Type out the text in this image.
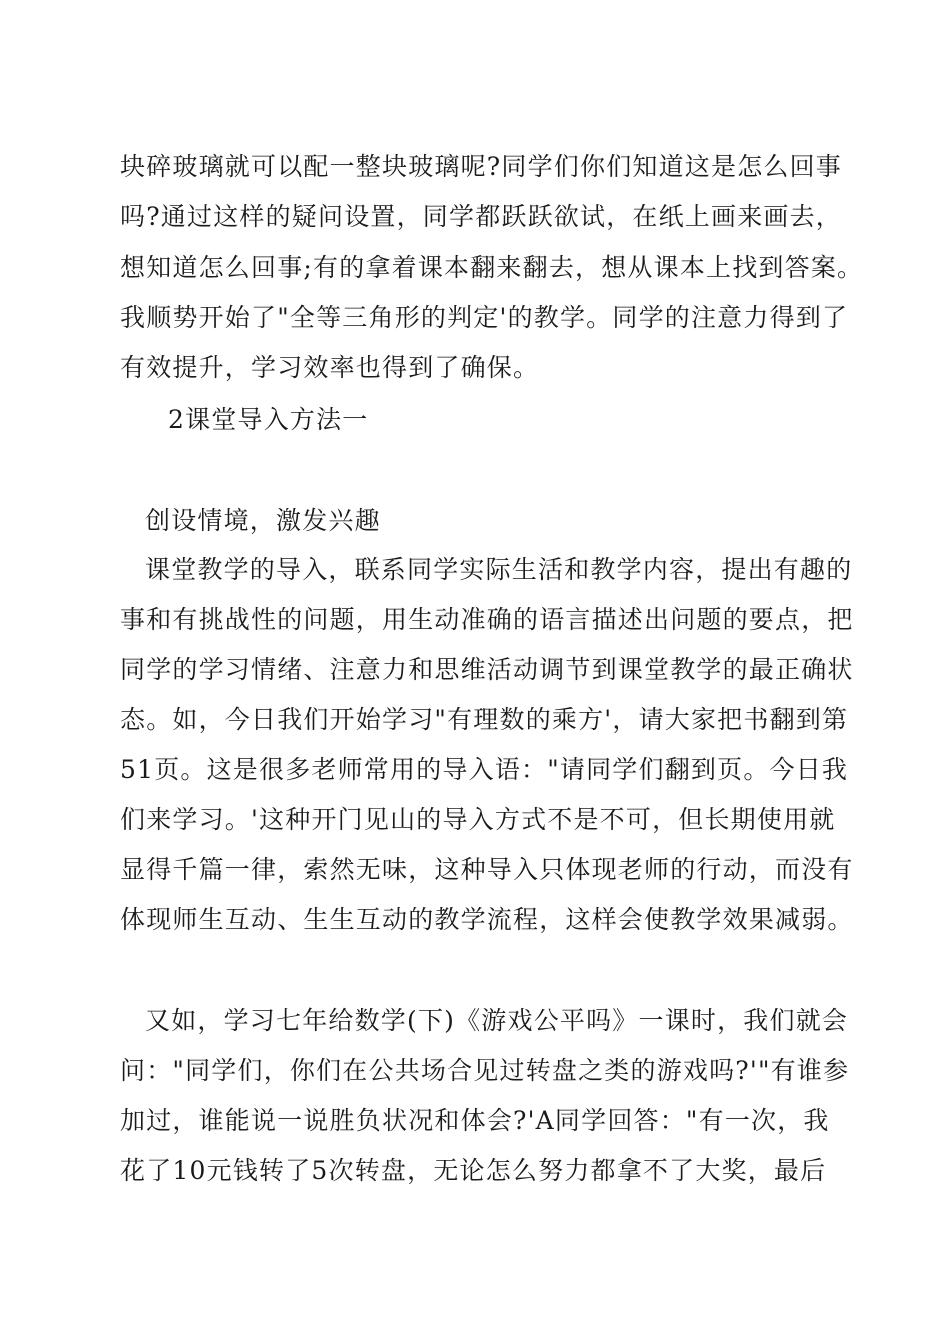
块碎玻璃就可以配一整块玻璃呢?同学们你们知道这是怎么回事
吗?通过这样的疑问设置，同学都跃跃欲试，在纸上画来画去，
想知道怎么回事;有的拿着课本翻来翻去，想从课本上找到答案。
我顺势开始了"全等三角形的判定'的教学。同学的注意力得到了
有效提升，学习效率也得到了确保。
2课堂导入方法一
创设情境，激发兴趣
课堂教学的导入，联系同学实际生活和教学内容，提出有趣的
事和有挑战性的问题，用生动准确的语言描述出问题的要点，把
同学的学习情绪、注意力和思维活动调节到课堂教学的最正确状
态。如，今日我们开始学习"有理数的乘方'，请大家把书翻到第
51页。这是很多老师常用的导入语："请同学们翻到页。今日我
们来学习。'这种开门见山的导入方式不是不可，但长期使用就
显得千篇一律，索然无味，这种导入只体现老师的行动，而没有
体现师生互动、生生互动的教学流程，这样会使教学效果减弱。
又如，学习七年给数学(下)《游戏公平吗》一课时，我们就会
问："同学们，你们在公共场合见过转盘之类的游戏吗?'"有谁参
加过，谁能说一说胜负状况和体会?'A同学回答："有一次，我
花了10元钱转了5次转盘，无论怎么努力都拿不了大奖，最后
